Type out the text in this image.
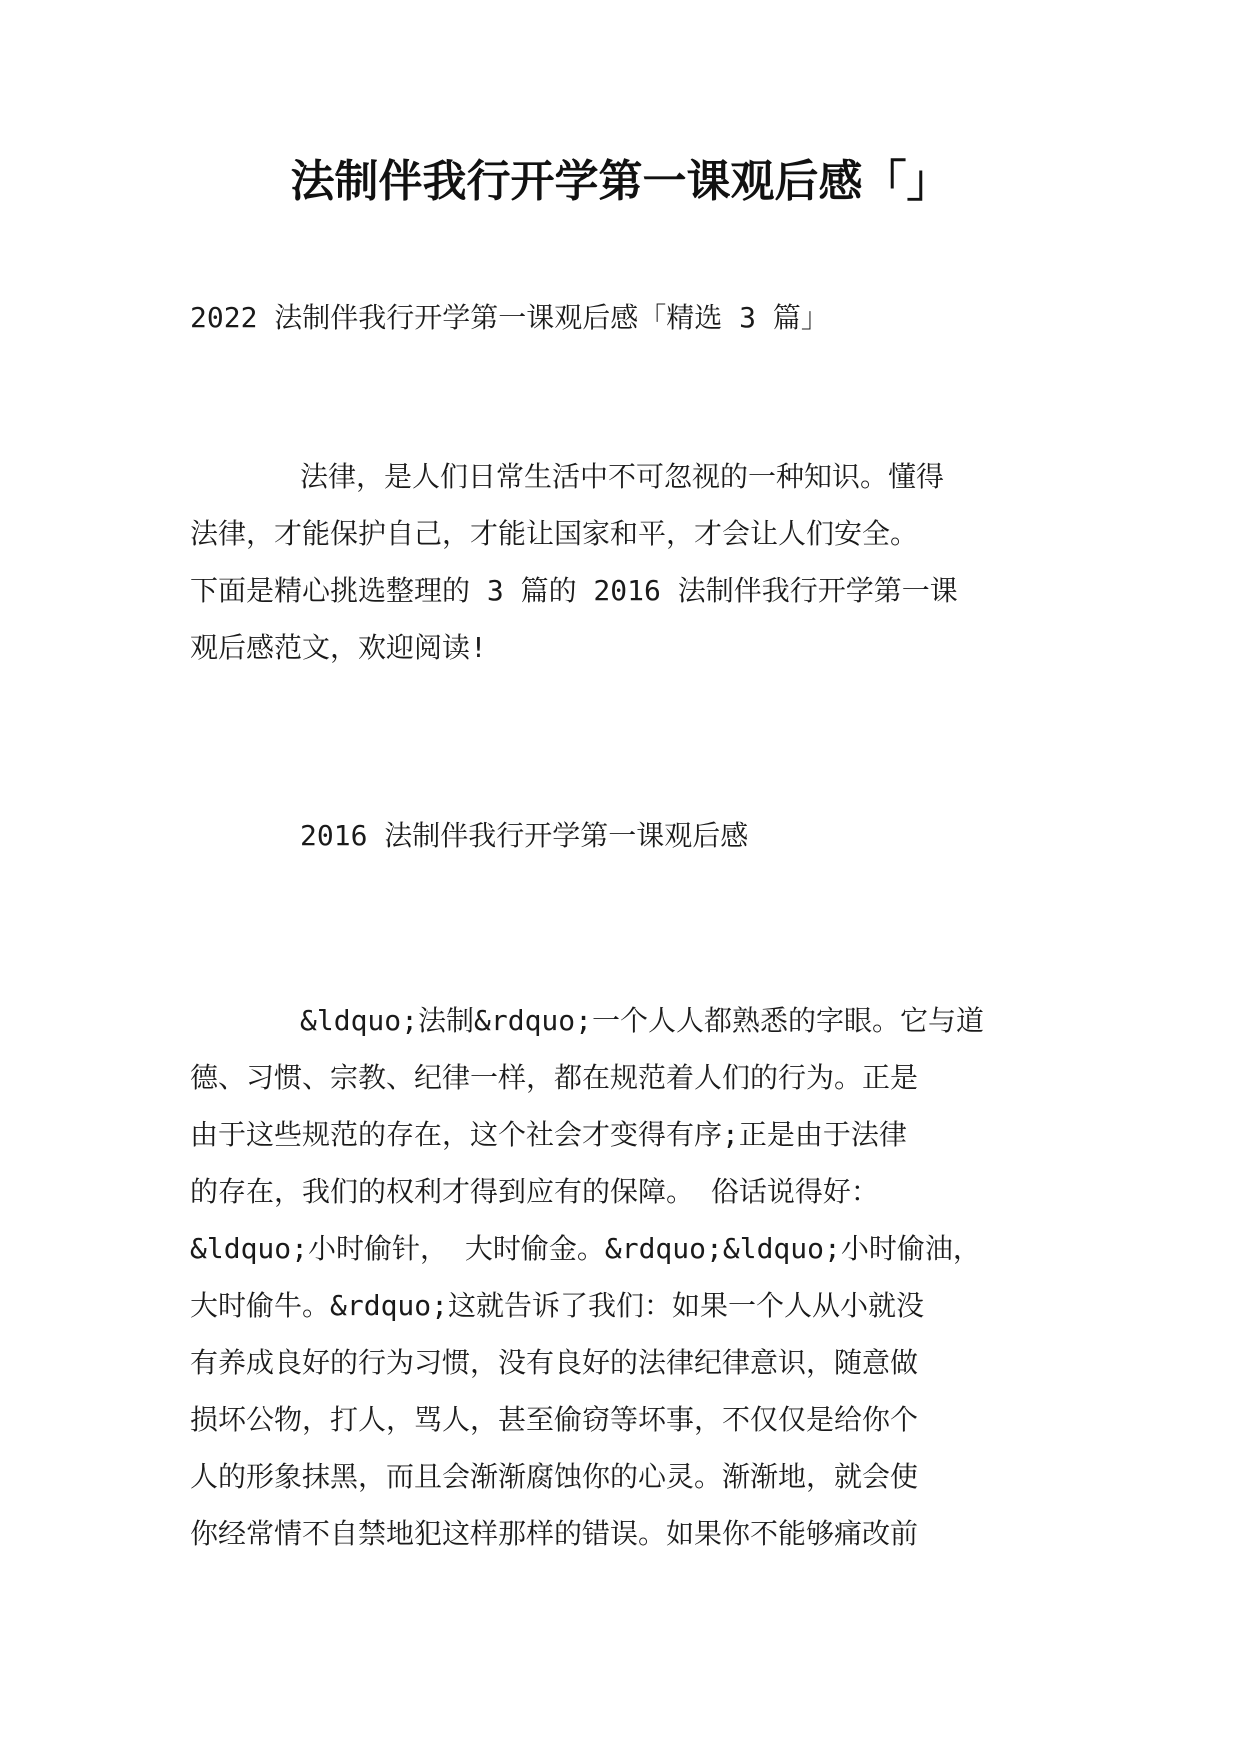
法制伴我行开学第一课观后感「」
2022 法制伴我行开学第一课观后感「精选 3 篇」
法律，是人们日常生活中不可忽视的一种知识。懂得
法律，才能保护自己，才能让国家和平，才会让人们安全。
下面是精心挑选整理的 3 篇的 2016 法制伴我行开学第一课
观后感范文，欢迎阅读!
2016 法制伴我行开学第一课观后感
&ldquo;法制&rdquo;一个人人都熟悉的字眼。它与道
德、习惯、宗教、纪律一样，都在规范着人们的行为。正是
由于这些规范的存在，这个社会才变得有序;正是由于法律
的存在，我们的权利才得到应有的保障。 俗话说得好：
&ldquo;小时偷针， 大时偷金。&rdquo;&ldquo;小时偷油，
大时偷牛。&rdquo;这就告诉了我们：如果一个人从小就没
有养成良好的行为习惯，没有良好的法律纪律意识，随意做
损坏公物，打人，骂人，甚至偷窃等坏事，不仅仅是给你个
人的形象抹黑，而且会渐渐腐蚀你的心灵。渐渐地，就会使
你经常情不自禁地犯这样那样的错误。如果你不能够痛改前
